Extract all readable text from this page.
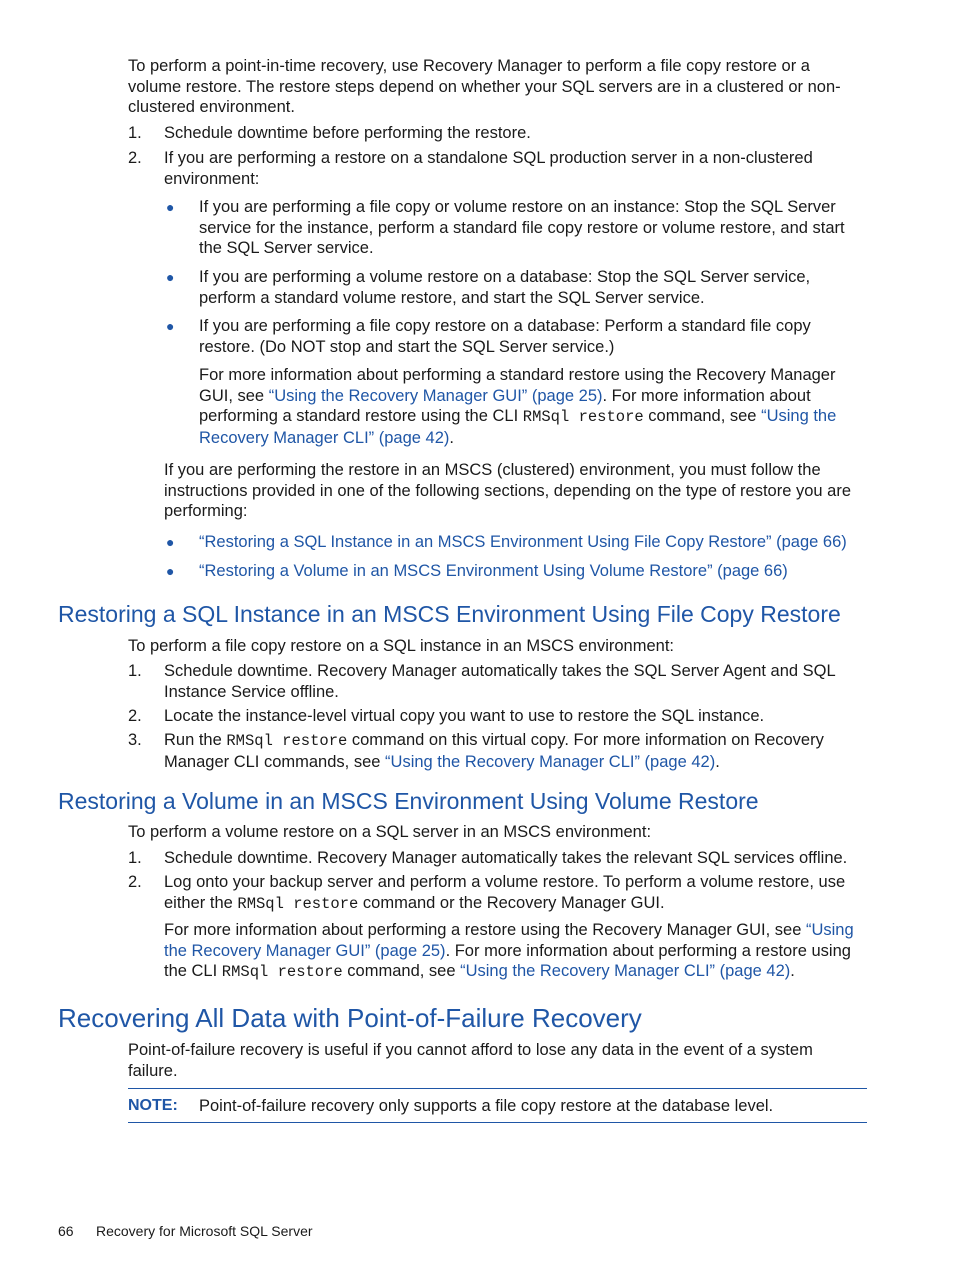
To perform a point-in-time recovery, use Recovery Manager to perform a file copy restore or a volume restore. The restore steps depend on whether your SQL servers are in a clustered or non-clustered environment.

1. Schedule downtime before performing the restore.

2. If you are performing a restore on a standalone SQL production server in a non-clustered environment:

● If you are performing a file copy or volume restore on an instance: Stop the SQL Server service for the instance, perform a standard file copy restore or volume restore, and start the SQL Server service.

● If you are performing a volume restore on a database: Stop the SQL Server service, perform a standard volume restore, and start the SQL Server service.

● If you are performing a file copy restore on a database: Perform a standard file copy restore. (Do NOT stop and start the SQL Server service.)

For more information about performing a standard restore using the Recovery Manager GUI, see “Using the Recovery Manager GUI” (page 25). For more information about performing a standard restore using the CLI RMSql restore command, see “Using the Recovery Manager CLI” (page 42).

If you are performing the restore in an MSCS (clustered) environment, you must follow the instructions provided in one of the following sections, depending on the type of restore you are performing:

● “Restoring a SQL Instance in an MSCS Environment Using File Copy Restore” (page 66)

● “Restoring a Volume in an MSCS Environment Using Volume Restore” (page 66)

Restoring a SQL Instance in an MSCS Environment Using File Copy Restore

To perform a file copy restore on a SQL instance in an MSCS environment:

1. Schedule downtime. Recovery Manager automatically takes the SQL Server Agent and SQL Instance Service offline.

2. Locate the instance-level virtual copy you want to use to restore the SQL instance.

3. Run the RMSql restore command on this virtual copy. For more information on Recovery Manager CLI commands, see “Using the Recovery Manager CLI” (page 42).

Restoring a Volume in an MSCS Environment Using Volume Restore

To perform a volume restore on a SQL server in an MSCS environment:

1. Schedule downtime. Recovery Manager automatically takes the relevant SQL services offline.

2. Log onto your backup server and perform a volume restore. To perform a volume restore, use either the RMSql restore command or the Recovery Manager GUI.

For more information about performing a restore using the Recovery Manager GUI, see “Using the Recovery Manager GUI” (page 25). For more information about performing a restore using the CLI RMSql restore command, see “Using the Recovery Manager CLI” (page 42).

Recovering All Data with Point-of-Failure Recovery

Point-of-failure recovery is useful if you cannot afford to lose any data in the event of a system failure.

NOTE: Point-of-failure recovery only supports a file copy restore at the database level.

66 Recovery for Microsoft SQL Server
